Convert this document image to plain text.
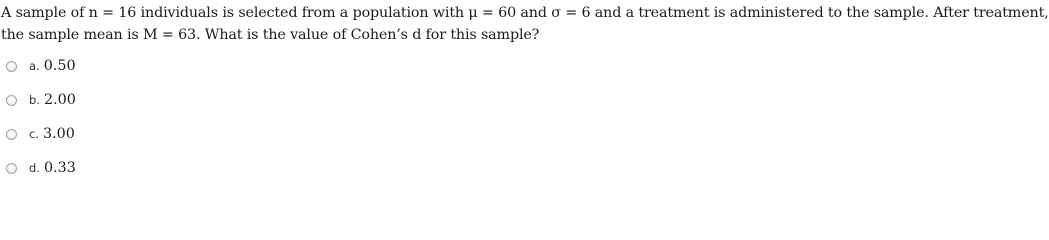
A sample of n = 16 individuals is selected from a population with μ = 60 and σ = 6 and a treatment is administered to the sample. After treatment,
the sample mean is M = 63. What is the value of Cohen’s d for this sample?
a. 0.50
b. 2.00
c. 3.00
d. 0.33
